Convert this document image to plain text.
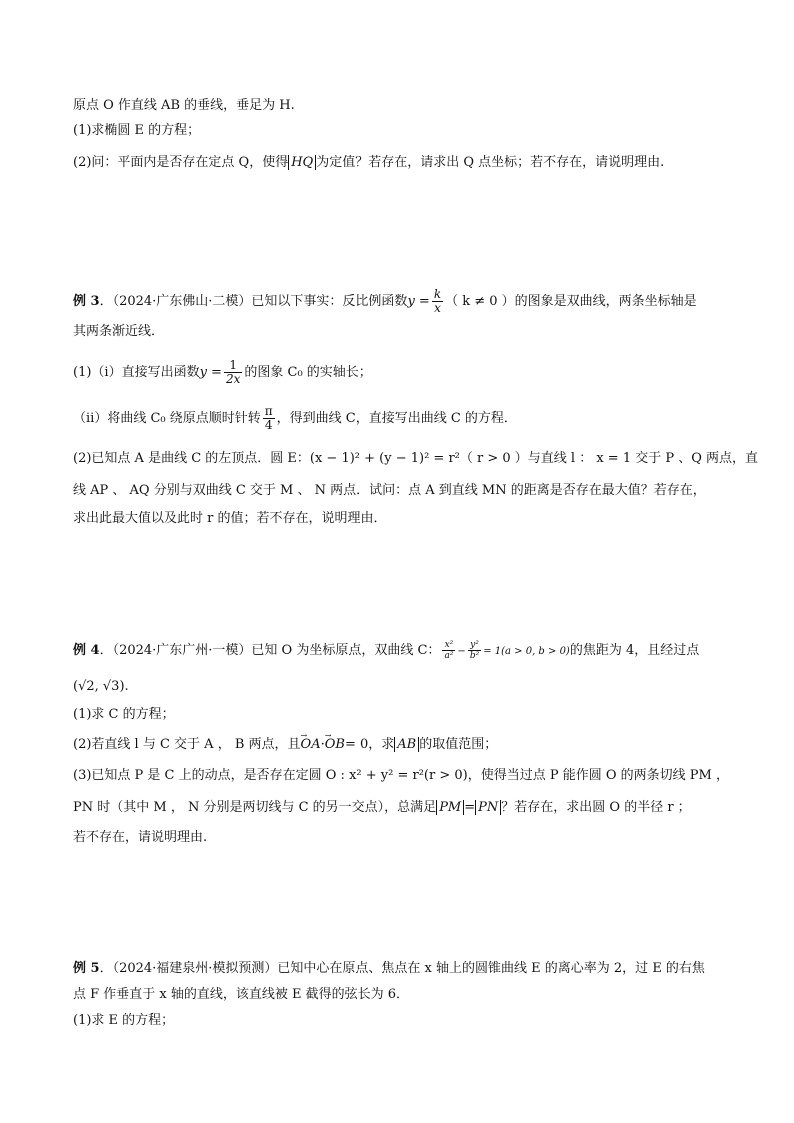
原点 O 作直线 AB 的垂线，垂足为 H.
(1)求椭圆 E 的方程；
(2)问：平面内是否存在定点 Q，使得 HQ 为定值？若存在，请求出 Q 点坐标；若不存在，请说明理由.
例 3．（2024·广东佛山·二模）已知以下事实：反比例函数$y = \frac{k}{x}$ （ k ≠ 0 ）的图象是双曲线，两条坐标轴是
其两条渐近线．
(1)（ⅰ）直接写出函数$y = \frac{1}{2x}$ 的图象 C₀ 的实轴长；
（ⅱ）将曲线 C₀ 绕原点顺时针转 $\frac{\pi}{4}$ ，得到曲线 C，直接写出曲线 C 的方程．
(2)已知点 A 是曲线 C 的左顶点．圆 E：(x − 1)² + (y − 1)² = r²（ r > 0 ）与直线 l ： x = 1 交于 P 、Q 两点，直
线 AP 、 AQ 分别与双曲线 C 交于 M 、 N 两点．试问：点 A 到直线 MN 的距离是否存在最大值？若存在，
求出此最大值以及此时 r 的值；若不存在，说明理由．
例 4．（2024·广东广州·一模）已知 O 为坐标原点，双曲线 C： $\frac{\text{x²}}{\text{a²}} - \frac{\text{y²}}{\text{b²}} = 1(a > 0$, b > 0)的焦距为 4，且经过点
(√2, √3).
(1)求 C 的方程；
(2)若直线 l 与 C 交于 A ， B 两点，且→ OA·→ OB= 0，求 AB 的取值范围；
(3)已知点 P 是 C 上的动点，是否存在定圆 O : x² + y² = r²(r > 0)，使得当过点 P 能作圆 O 的两条切线 PM ，
PN 时（其中 M ， N 分别是两切线与 C 的另一交点），总满足 PM = PN ？若存在，求出圆 O 的半径 r ；
若不存在，请说明理由.
例 5．（2024·福建泉州·模拟预测）已知中心在原点、焦点在 x 轴上的圆锥曲线 E 的离心率为 2，过 E 的右焦
点 F 作垂直于 x 轴的直线，该直线被 E 截得的弦长为 6．
(1)求 E 的方程；
